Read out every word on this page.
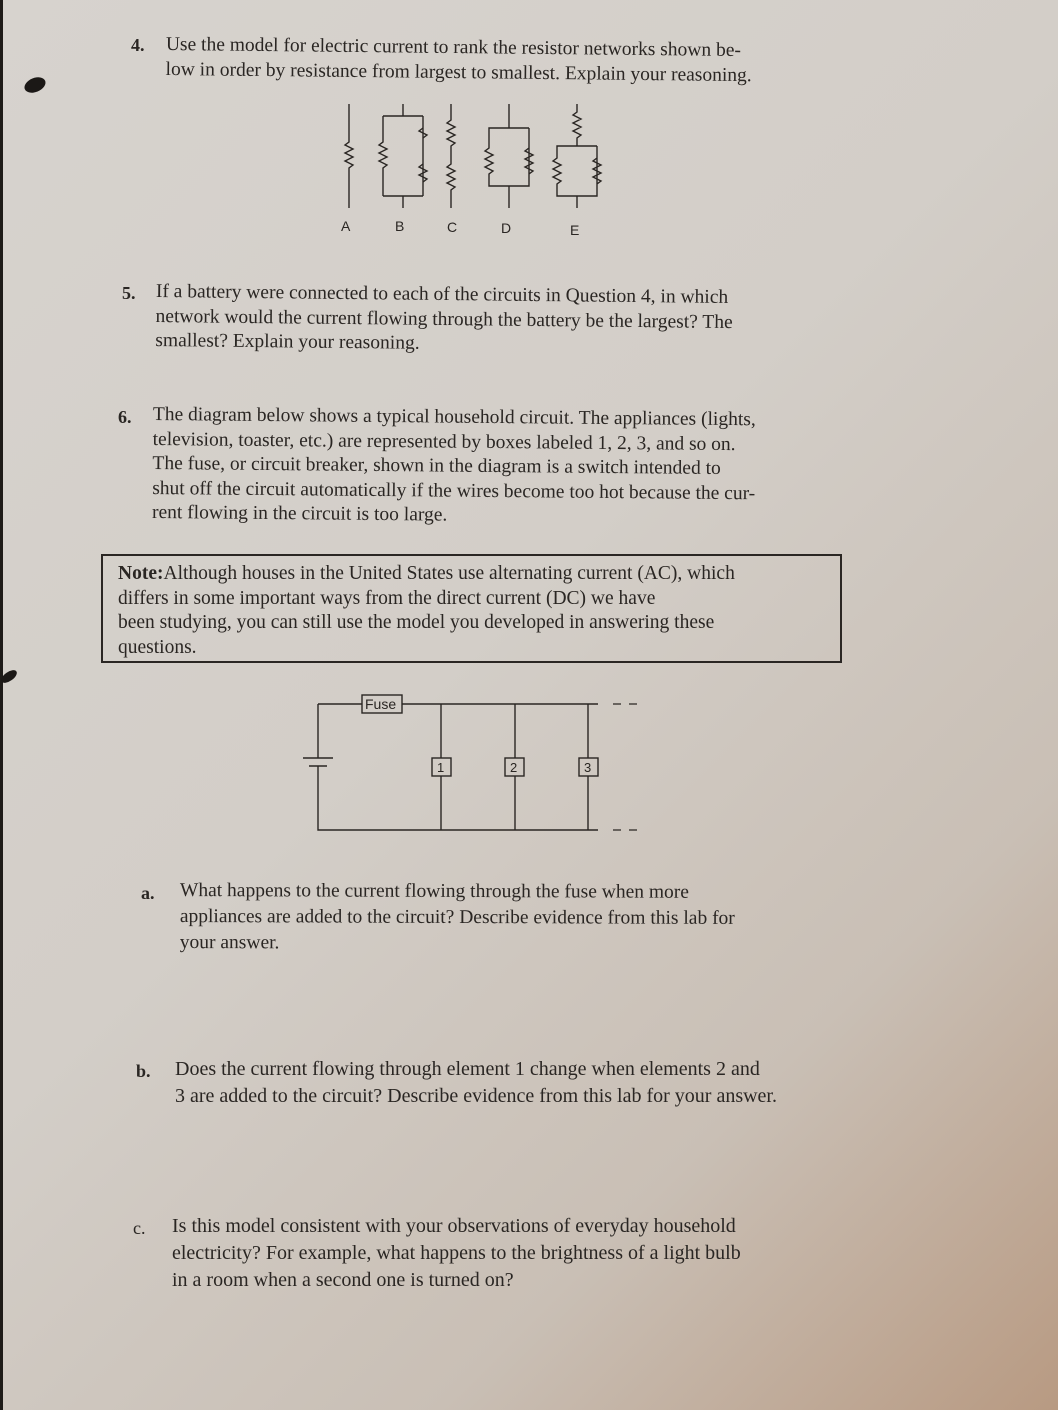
4. Use the model for electric current to rank the resistor networks shown be-
low in order by resistance from largest to smallest. Explain your reasoning.
A	B	C	D	E
5. If a battery were connected to each of the circuits in Question 4, in which
network would the current flowing through the battery be the largest? The
smallest? Explain your reasoning.
6. The diagram below shows a typical household circuit. The appliances (lights,
television, toaster, etc.) are represented by boxes labeled 1, 2, 3, and so on.
The fuse, or circuit breaker, shown in the diagram is a switch intended to
shut off the circuit automatically if the wires become too hot because the cur-
rent flowing in the circuit is too large.
Note:Although houses in the United States use alternating current (AC), which
differs in some important ways from the direct current (DC) we have
been studying, you can still use the model you developed in answering these
questions.
Fuse
1	2	3
a. What happens to the current flowing through the fuse when more
appliances are added to the circuit? Describe evidence from this lab for
your answer.
b. Does the current flowing through element 1 change when elements 2 and
3 are added to the circuit? Describe evidence from this lab for your answer.
c. Is this model consistent with your observations of everyday household
electricity? For example, what happens to the brightness of a light bulb
in a room when a second one is turned on?
